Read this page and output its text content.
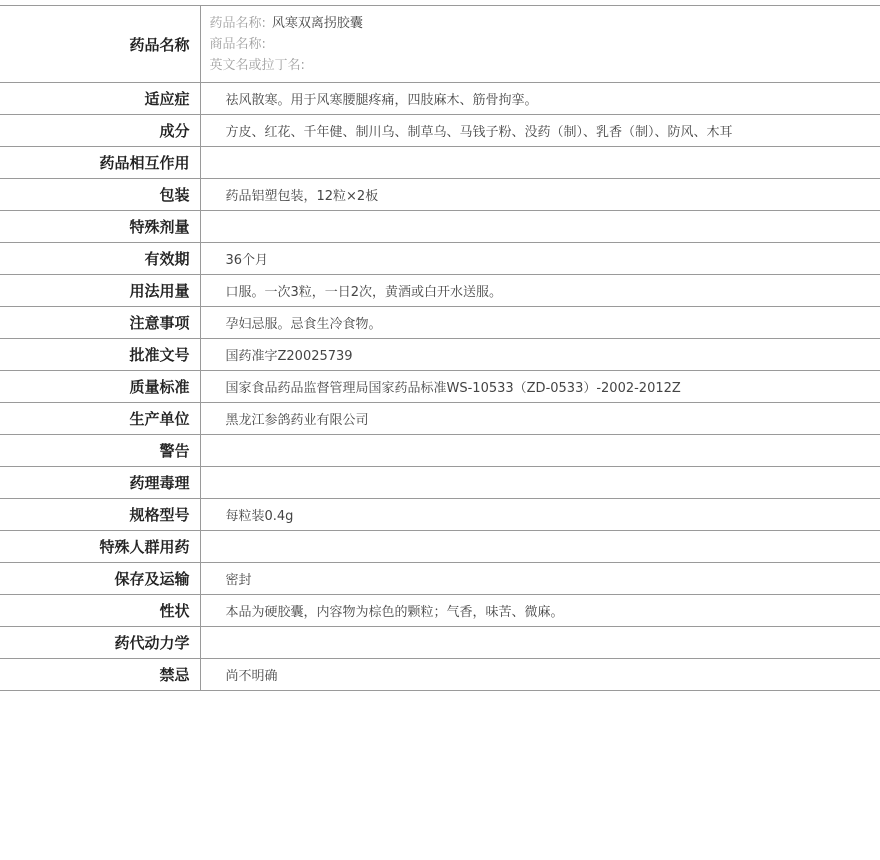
药品名称	药品名称: 风寒双离拐胶囊
商品名称:
英文名或拉丁名:

适应症	祛风散寒。用于风寒腰腿疼痛，四肢麻木、筋骨拘挛。
成分	方皮、红花、千年健、制川乌、制草乌、马钱子粉、没药（制）、乳香（制）、防风、木耳
药品相互作用	
包装	药品铝塑包装，12粒×2板
特殊剂量	
有效期	36个月
用法用量	口服。一次3粒，一日2次，黄酒或白开水送服。
注意事项	孕妇忌服。忌食生冷食物。
批准文号	国药准字Z20025739
质量标准	国家食品药品监督管理局国家药品标准WS-10533（ZD-0533）-2002-2012Z
生产单位	黑龙江参鸽药业有限公司
警告	
药理毒理	
规格型号	每粒装0.4g
特殊人群用药	
保存及运输	密封
性状	本品为硬胶囊，内容物为棕色的颗粒；气香，味苦、微麻。
药代动力学	
禁忌	尚不明确
